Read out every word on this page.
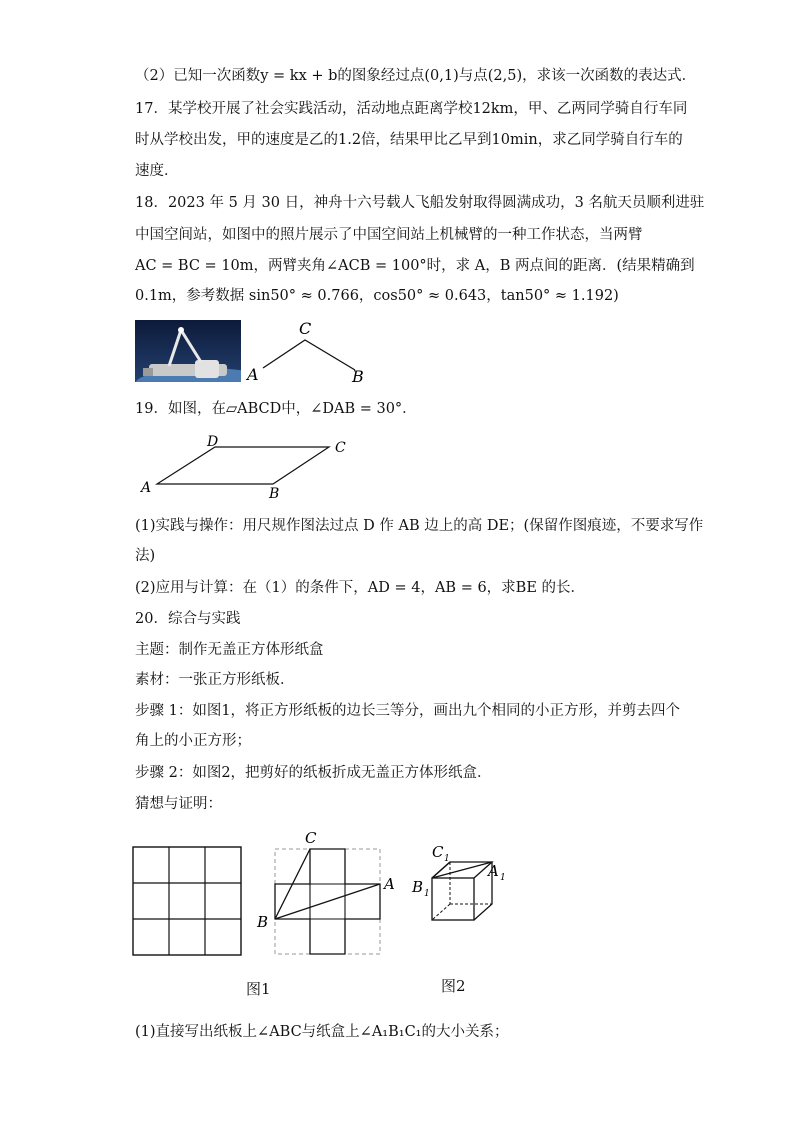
（2）已知一次函数y = kx + b的图象经过点(0,1)与点(2,5)，求该一次函数的表达式．
17．某学校开展了社会实践活动，活动地点距离学校12km，甲、乙两同学骑自行车同
时从学校出发，甲的速度是乙的1.2倍，结果甲比乙早到10min，求乙同学骑自行车的
速度．
18．2023 年 5 月 30 日，神舟十六号载人飞船发射取得圆满成功，3 名航天员顺利进驻
中国空间站，如图中的照片展示了中国空间站上机械臂的一种工作状态，当两臂
AC = BC = 10m，两臂夹角∠ACB = 100°时，求 A，B 两点间的距离．(结果精确到
0.1m，参考数据 sin50° ≈ 0.766，cos50° ≈ 0.643，tan50° ≈ 1.192)
C
A	B
19．如图，在▱ABCD中，∠DAB = 30°．
D	C
A	B
(1)实践与操作：用尺规作图法过点 D 作 AB 边上的高 DE；(保留作图痕迹，不要求写作
法)
(2)应用与计算：在（1）的条件下，AD = 4，AB = 6，求BE 的长．
20．综合与实践
主题：制作无盖正方体形纸盒
素材：一张正方形纸板．
步骤 1：如图1，将正方形纸板的边长三等分，画出九个相同的小正方形，并剪去四个
角上的小正方形；
步骤 2：如图2，把剪好的纸板折成无盖正方体形纸盒．
猜想与证明：
C
A
B
C 1
A 1
B 1
图1	图2
(1)直接写出纸板上∠ABC与纸盒上∠A₁B₁C₁的大小关系；
